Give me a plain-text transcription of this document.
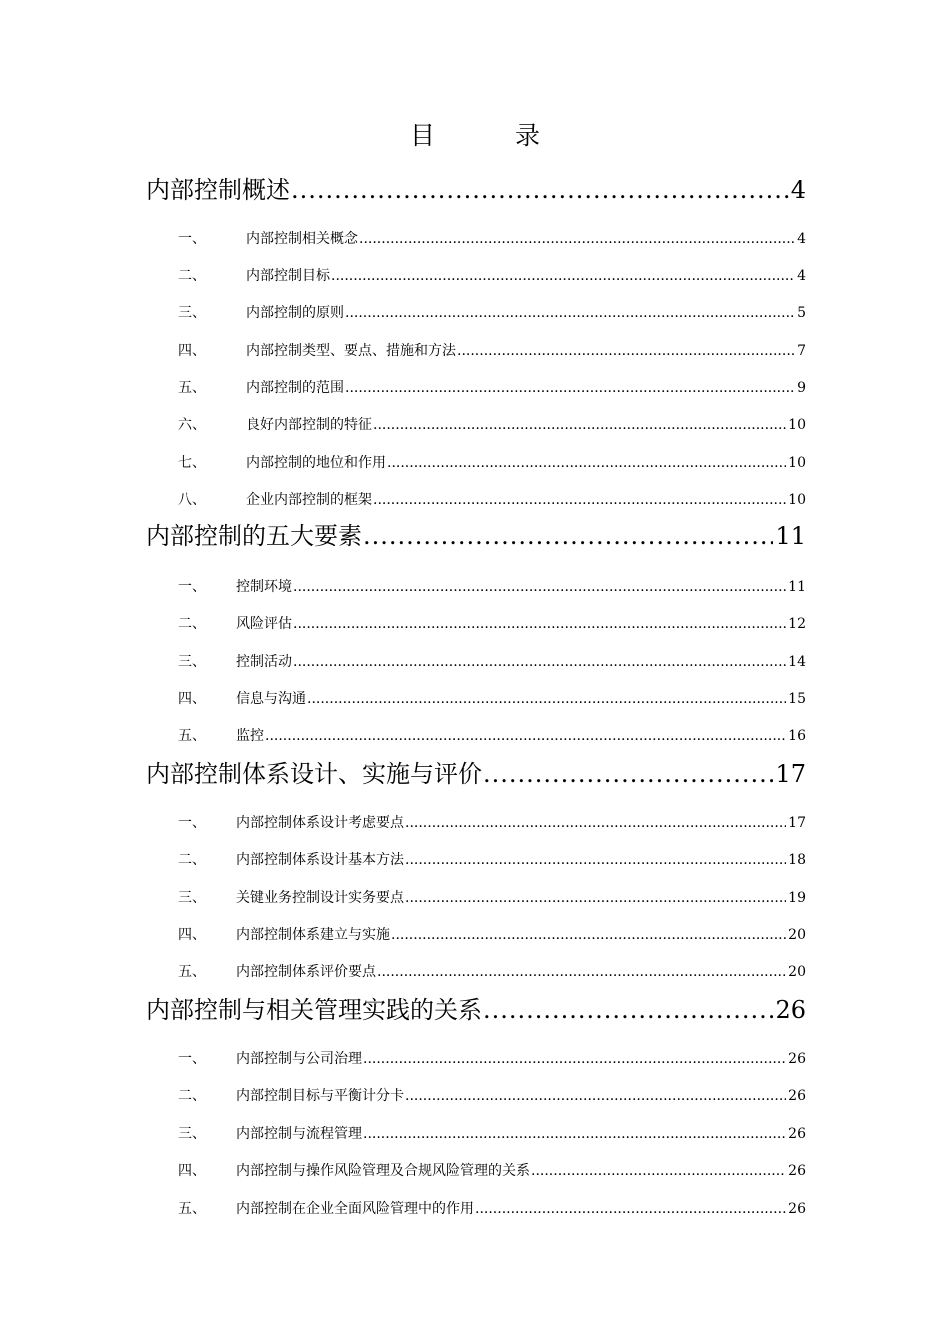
目 录
内部控制概述 .....	4
一、	内部控制相关概念 .....	4
二、	内部控制目标 .....	4
三、	内部控制的原则 .....	5
四、	内部控制类型、要点、措施和方法 .....	7
五、	内部控制的范围 .....	9
六、	良好内部控制的特征 .....	10
七、	内部控制的地位和作用 .....	10
八、	企业内部控制的框架 .....	10
内部控制的五大要素 .....	11
一、 控制环境 .....	11
二、 风险评估 .....	12
三、 控制活动 .....	14
四、 信息与沟通 .....	15
五、 监控 .....	16
内部控制体系设计、实施与评价 .....	17
一、 内部控制体系设计考虑要点 .....	17
二、 内部控制体系设计基本方法 .....	18
三、 关键业务控制设计实务要点 .....	19
四、 内部控制体系建立与实施 .....	20
五、 内部控制体系评价要点 .....	20
内部控制与相关管理实践的关系 .....	26
一、 内部控制与公司治理 .....	26
二、 内部控制目标与平衡计分卡 .....	26
三、 内部控制与流程管理 .....	26
四、 内部控制与操作风险管理及合规风险管理的关系 .....	26
五、 内部控制在企业全面风险管理中的作用 .....	26
